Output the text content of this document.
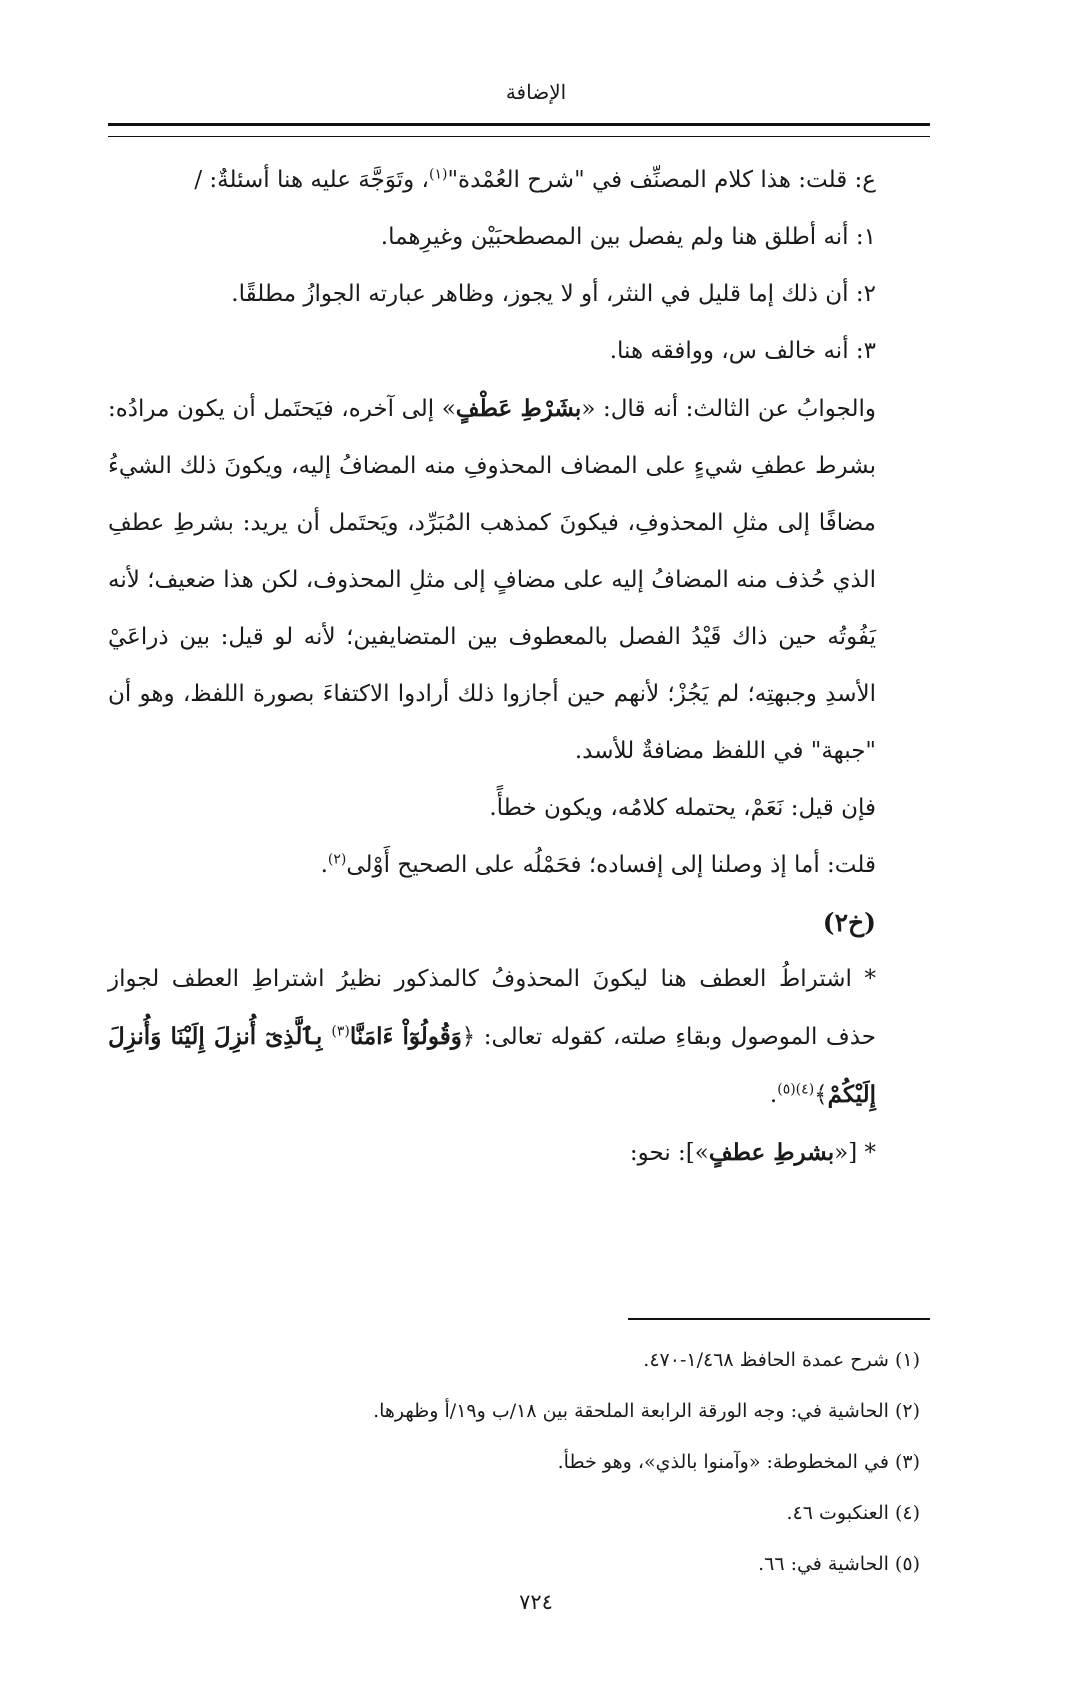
الإضافة

ع: قلت: هذا كلام المصنِّف في "شرح العُمْدة"$^{(١)}$، وتَوَجَّهَ عليه هنا أسئلةٌ: /

١: أنه أطلق هنا ولم يفصل بين المصطحبَيْن وغيرِهما.

٢: أن ذلك إما قليل في النثر، أو لا يجوز، وظاهر عبارته الجوازُ مطلقًا.

٣: أنه خالف س، ووافقه هنا.

والجوابُ عن الثالث: أنه قال: «بشَرْطِ عَطْفٍ» إلى آخره، فيَحتَمل أن يكون مرادُه: بشرط عطفِ شيءٍ على المضاف المحذوفِ منه المضافُ إليه، ويكونَ ذلك الشيءُ مضافًا إلى مثلِ المحذوفِ، فيكونَ كمذهب المُبَرِّد، ويَحتَمل أن يريد: بشرطِ عطفِ الذي حُذف منه المضافُ إليه على مضافٍ إلى مثلِ المحذوف، لكن هذا ضعيف؛ لأنه يَفُوتُه حين ذاك قَيْدُ الفصل بالمعطوف بين المتضايفين؛ لأنه لو قيل: بين ذراعَيْ الأسدِ وجبهتِه؛ لم يَجُزْ؛ لأنهم حين أجازوا ذلك أرادوا الاكتفاءَ بصورة اللفظ، وهو أن "جبهة" في اللفظ مضافةٌ للأسد.

فإن قيل: نَعَمْ، يحتمله كلامُه، ويكون خطأً.

قلت: أما إذ وصلنا إلى إفساده؛ فحَمْلُه على الصحيح أَوْلى$^{(٢)}$.

(خ٢)

* اشتراطُ العطف هنا ليكونَ المحذوفُ كالمذكور نظيرُ اشتراطِ العطف لجواز حذف الموصول وبقاءِ صلته، كقوله تعالى: ﴿وَقُولُوٓاْ ءَامَنَّا$^{(٣)}$ بِٱلَّذِىٓ أُنزِلَ إِلَيْنَا وَأُنزِلَ إِلَيْكُمْ﴾$^{(٤)(٥)}$.

* [«بشرطِ عطفٍ»]: نحو:

(١) شرح عمدة الحافظ ١/٤٦٨-٤٧٠.

(٢) الحاشية في: وجه الورقة الرابعة الملحقة بين ١٨/ب و١٩/أ وظهرها.

(٣) في المخطوطة: «وآمنوا بالذي»، وهو خطأ.

(٤) العنكبوت ٤٦.

(٥) الحاشية في: ٦٦.

٧٢٤
